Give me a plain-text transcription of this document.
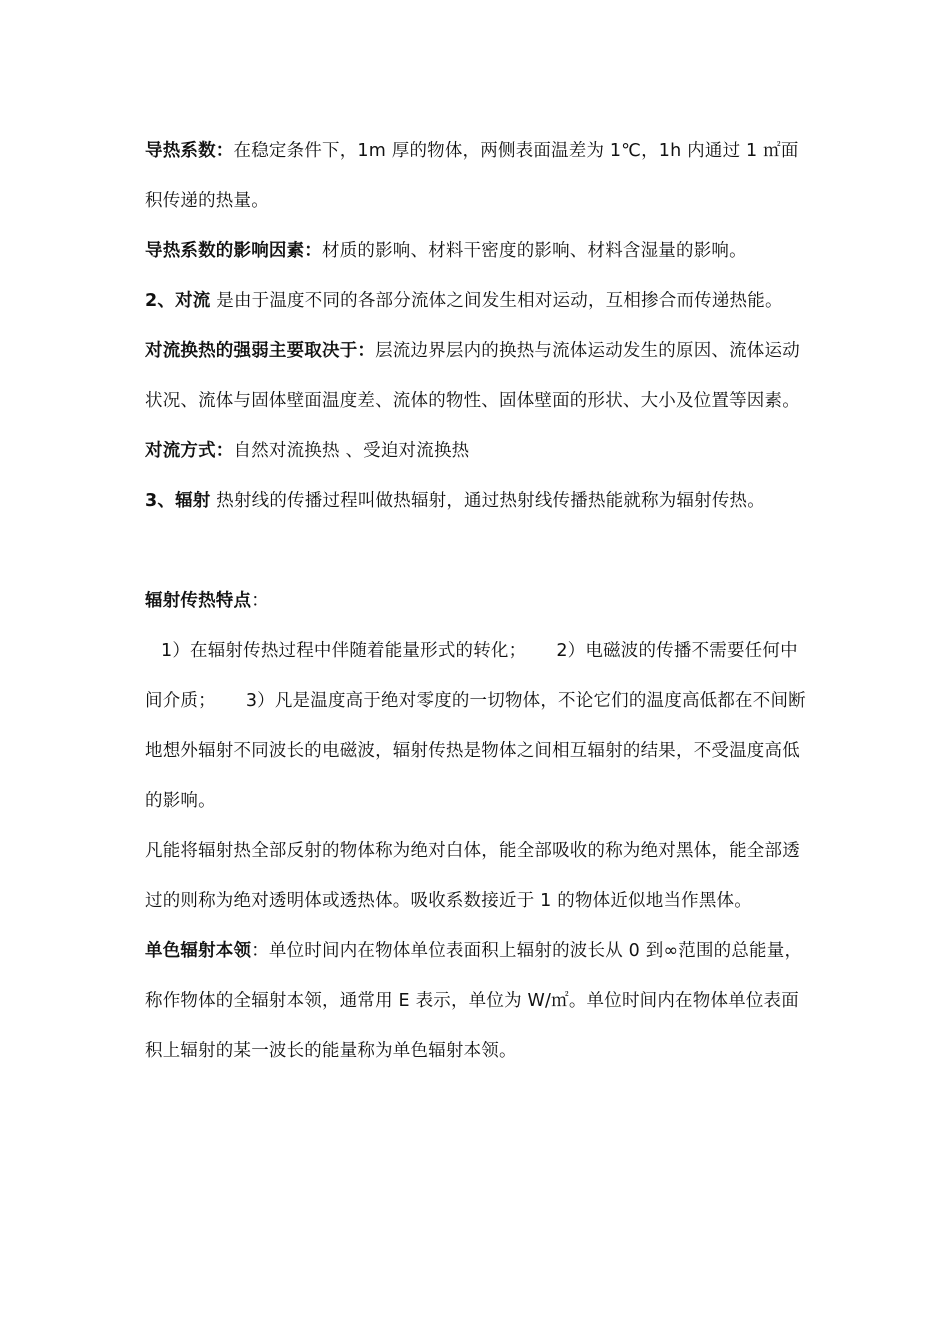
导热系数：在稳定条件下，1m 厚的物体，两侧表面温差为 1℃，1h 内通过 1 ㎡面积传递的热量。

导热系数的影响因素：材质的影响、材料干密度的影响、材料含湿量的影响。

2、对流 是由于温度不同的各部分流体之间发生相对运动，互相掺合而传递热能。

对流换热的强弱主要取决于：层流边界层内的换热与流体运动发生的原因、流体运动状况、流体与固体壁面温度差、流体的物性、固体壁面的形状、大小及位置等因素。

对流方式：自然对流换热 、受迫对流换热

3、辐射 热射线的传播过程叫做热辐射，通过热射线传播热能就称为辐射传热。

辐射传热特点：

1）在辐射传热过程中伴随着能量形式的转化； 2）电磁波的传播不需要任何中间介质； 3）凡是温度高于绝对零度的一切物体，不论它们的温度高低都在不间断地想外辐射不同波长的电磁波，辐射传热是物体之间相互辐射的结果，不受温度高低的影响。

凡能将辐射热全部反射的物体称为绝对白体，能全部吸收的称为绝对黑体，能全部透过的则称为绝对透明体或透热体。吸收系数接近于 1 的物体近似地当作黑体。

单色辐射本领：单位时间内在物体单位表面积上辐射的波长从 0 到∞范围的总能量，称作物体的全辐射本领，通常用 E 表示，单位为 W/㎡。单位时间内在物体单位表面积上辐射的某一波长的能量称为单色辐射本领。
